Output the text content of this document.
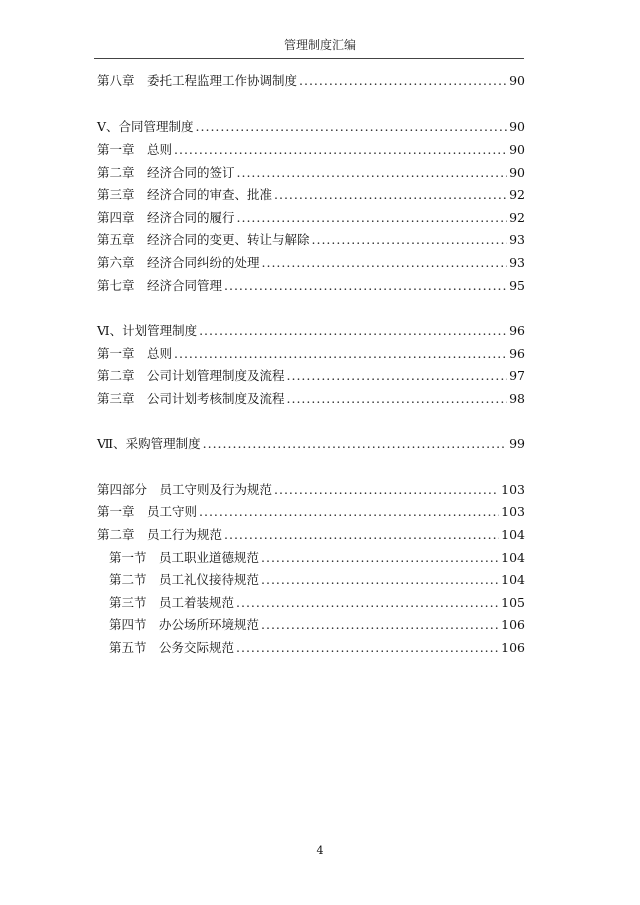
管理制度汇编
第八章　委托工程监理工作协调制度 .....	90
Ⅴ、合同管理制度 .....	90
第一章　总则 .....	90
第二章　经济合同的签订 .....	90
第三章　经济合同的审查、批准 .....	92
第四章　经济合同的履行 .....	92
第五章　经济合同的变更、转让与解除 .....	93
第六章　经济合同纠纷的处理 .....	93
第七章　经济合同管理 .....	95
Ⅵ、计划管理制度 .....	96
第一章　总则 .....	96
第二章　公司计划管理制度及流程 .....	97
第三章　公司计划考核制度及流程 .....	98
Ⅶ、采购管理制度 .....	99
第四部分　员工守则及行为规范 .....	103
第一章　员工守则 .....	103
第二章　员工行为规范 .....	104
第一节　员工职业道德规范 .....	104
第二节　员工礼仪接待规范 .....	104
第三节　员工着装规范 .....	105
第四节　办公场所环境规范 .....	106
第五节　公务交际规范 .....	106
4
